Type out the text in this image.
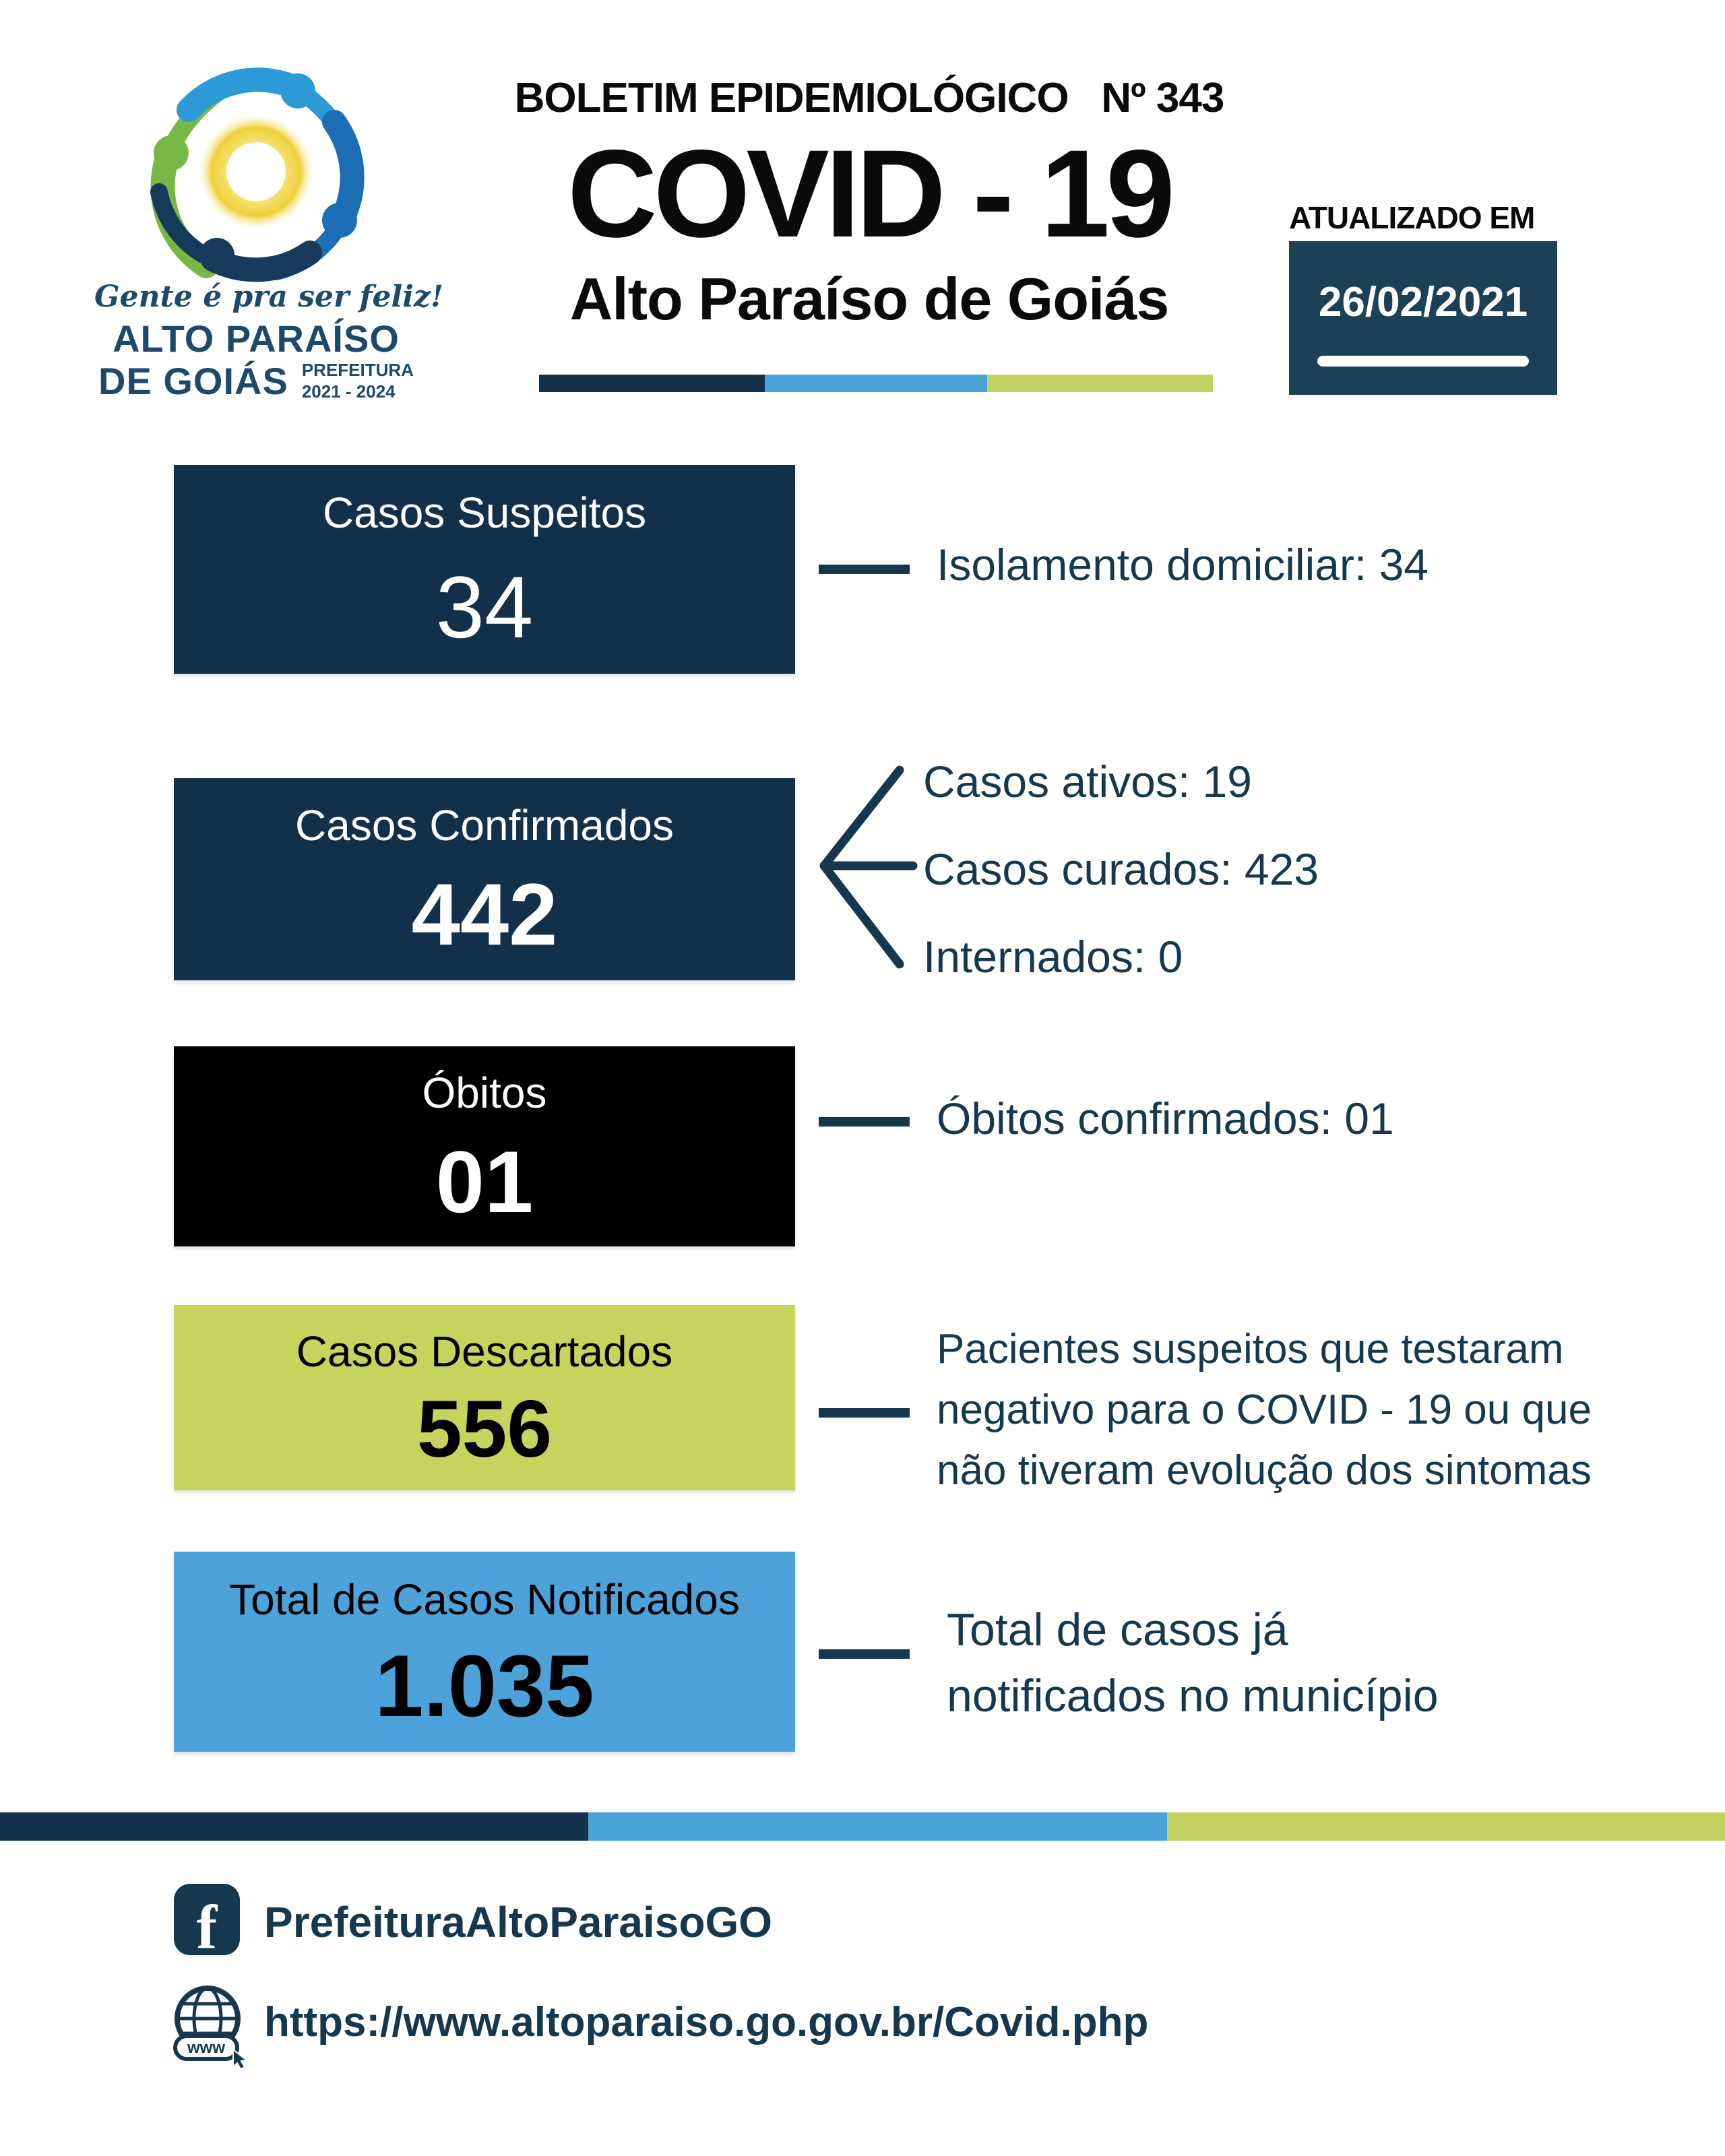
Gente é pra ser feliz!
ALTO PARAÍSO
DE GOIÁS PREFEITURA
2021 - 2024
BOLETIM EPIDEMIOLÓGICO Nº 343
COVID - 19
Alto Paraíso de Goiás
ATUALIZADO EM
26/02/2021
Casos Suspeitos
34
Casos Confirmados
442
Óbitos
01
Casos Descartados
556
Total de Casos Notificados
1.035
Isolamento domiciliar: 34
Casos ativos: 19
Casos curados: 423
Internados: 0
Óbitos confirmados: 01
Pacientes suspeitos que testaram
negativo para o COVID - 19 ou que
não tiveram evolução dos sintomas
Total de casos já
notificados no município
f PrefeituraAltoParaisoGO
www
https://www.altoparaiso.go.gov.br/Covid.php
